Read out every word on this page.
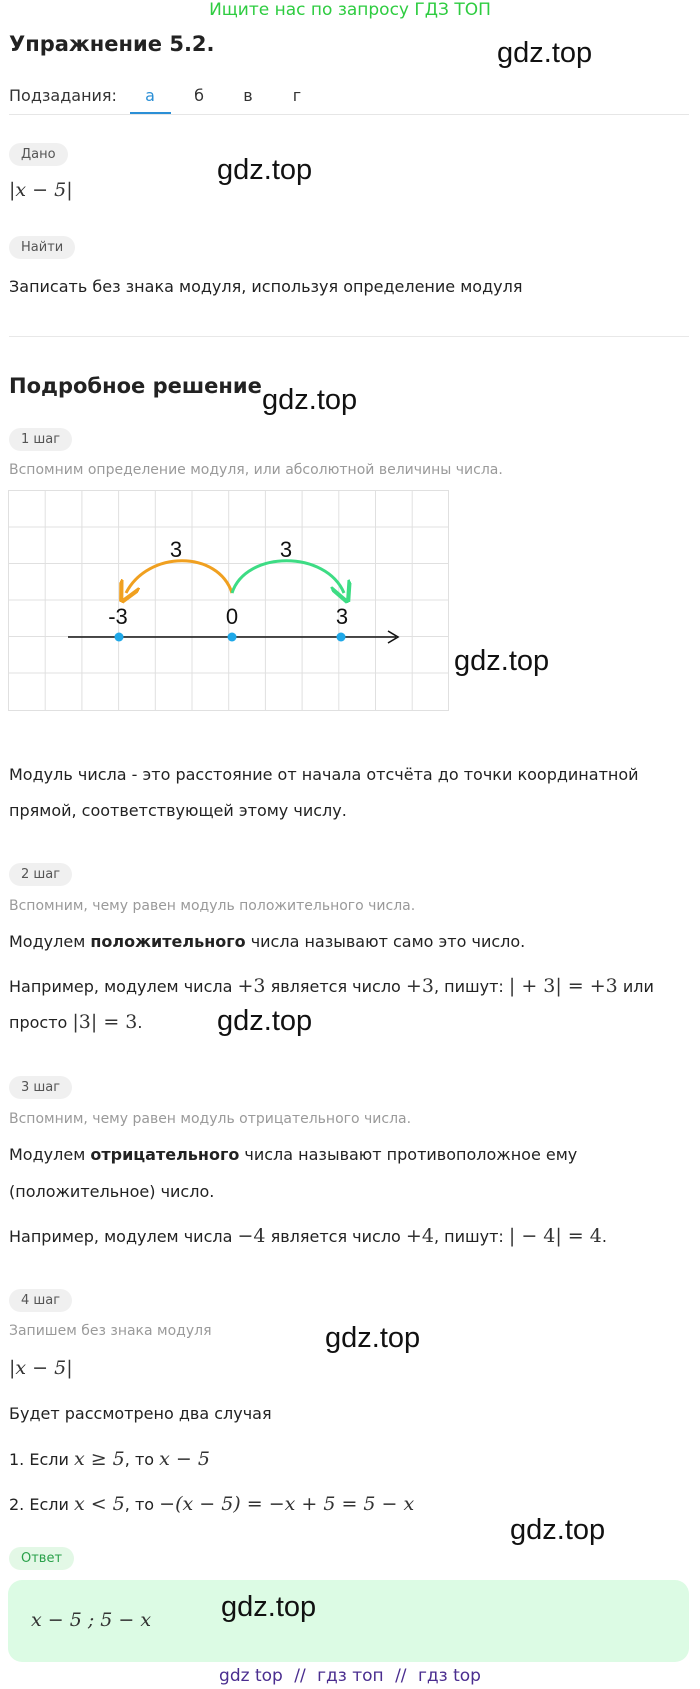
Ищите нас по запросу ГДЗ ТОП
Упражнение 5.2.	gdz.top
Подзадания:	а	б	в	г
Дано
|x − 5|
gdz.top
Найти
Записать без знака модуля, используя определение модуля
Подробное решение gdz.top
1 шаг
Вспомним определение модуля, или абсолютной величины числа.
3	3
-3	0	3
gdz.top
Модуль числа - это расстояние от начала отсчёта до точки координатной
прямой, соответствующей этому числу.
2 шаг
Вспомним, чему равен модуль положительного числа.
Модулем положительного числа называют само это число.
Например, модулем числа +3 является число +3, пишут: | + 3| = +3 или
просто |3| = 3.	gdz.top
3 шаг
Вспомним, чему равен модуль отрицательного числа.
Модулем отрицательного числа называют противоположное ему
(положительное) число.
Например, модулем числа −4 является число +4, пишут: | − 4| = 4.
4 шаг
Запишем без знака модуля	gdz.top
|x − 5|
Будет рассмотрено два случая
1. Если x ≥ 5, то x − 5
2. Если x < 5, то −(x − 5) = −x + 5 = 5 − x
gdz.top
Ответ
x − 5 ; 5 − x gdz.top
gdz top // гдз топ // гдз top
